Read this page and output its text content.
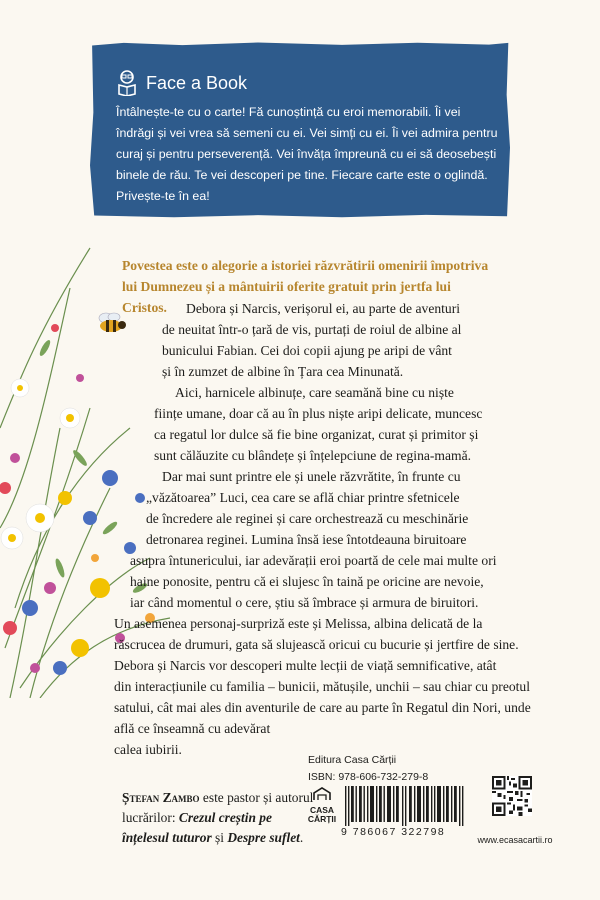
Face a Book

Întâlnește-te cu o carte! Fă cunoștință cu eroi memorabili. Îi vei îndrăgi și vei vrea să semeni cu ei. Vei simți cu ei. Îi vei admira pentru curaj și pentru perseverență. Vei învăța împreună cu ei să deosebești binele de rău. Te vei descoperi pe tine. Fiecare carte este o oglindă. Privește-te în ea!

Povestea este o alegorie a istoriei răzvrătirii omenirii împotriva lui Dumnezeu și a mântuirii oferite gratuit prin jertfa lui Cristos.	Debora și Narcis, verișorul ei, au parte de aventuri

de neuitat într-o țară de vis, purtați de roiul de albine al

bunicului Fabian. Cei doi copii ajung pe aripi de vânt

și în zumzet de albine în Țara cea Minunată.

Aici, harnicele albinuțe, care seamănă bine cu niște

ființe umane, doar că au în plus niște aripi delicate, muncesc

ca regatul lor dulce să fie bine organizat, curat și primitor și

sunt călăuzite cu blândețe și înțelepciune de regina-mamă.

Dar mai sunt printre ele și unele răzvrătite, în frunte cu

„văzătoarea” Luci, cea care se află chiar printre sfetnicele

de încredere ale reginei și care orchestrează cu meschinărie

detronarea reginei. Lumina însă iese întotdeauna biruitoare

asupra întunericului, iar adevărații eroi poartă de cele mai multe ori

haine ponosite, pentru că ei slujesc în taină pe oricine are nevoie,

iar când momentul o cere, știu să îmbrace și armura de biruitori.

Un asemenea personaj-surpriză este și Melissa, albina delicată de la

răscrucea de drumuri, gata să slujească oricui cu bucurie și jertfire de sine.

Debora și Narcis vor descoperi multe lecții de viață semnificative, atât

din interacțiunile cu familia – bunicii, mătușile, unchii – sau chiar cu preotul

satului, cât mai ales din aventurile de care au parte în Regatul din Nori, unde

află ce înseamnă cu adevărat

calea iubirii.

Ștefan Zambo este pastor și autorul lucrărilor: Crezul creștin pe înțelesul tuturor și Despre suflet.

Editura Casa Cărții
ISBN: 978-606-732-279-8
CASA
CĂRȚII
9 786067 322798
www.ecasacartii.ro
